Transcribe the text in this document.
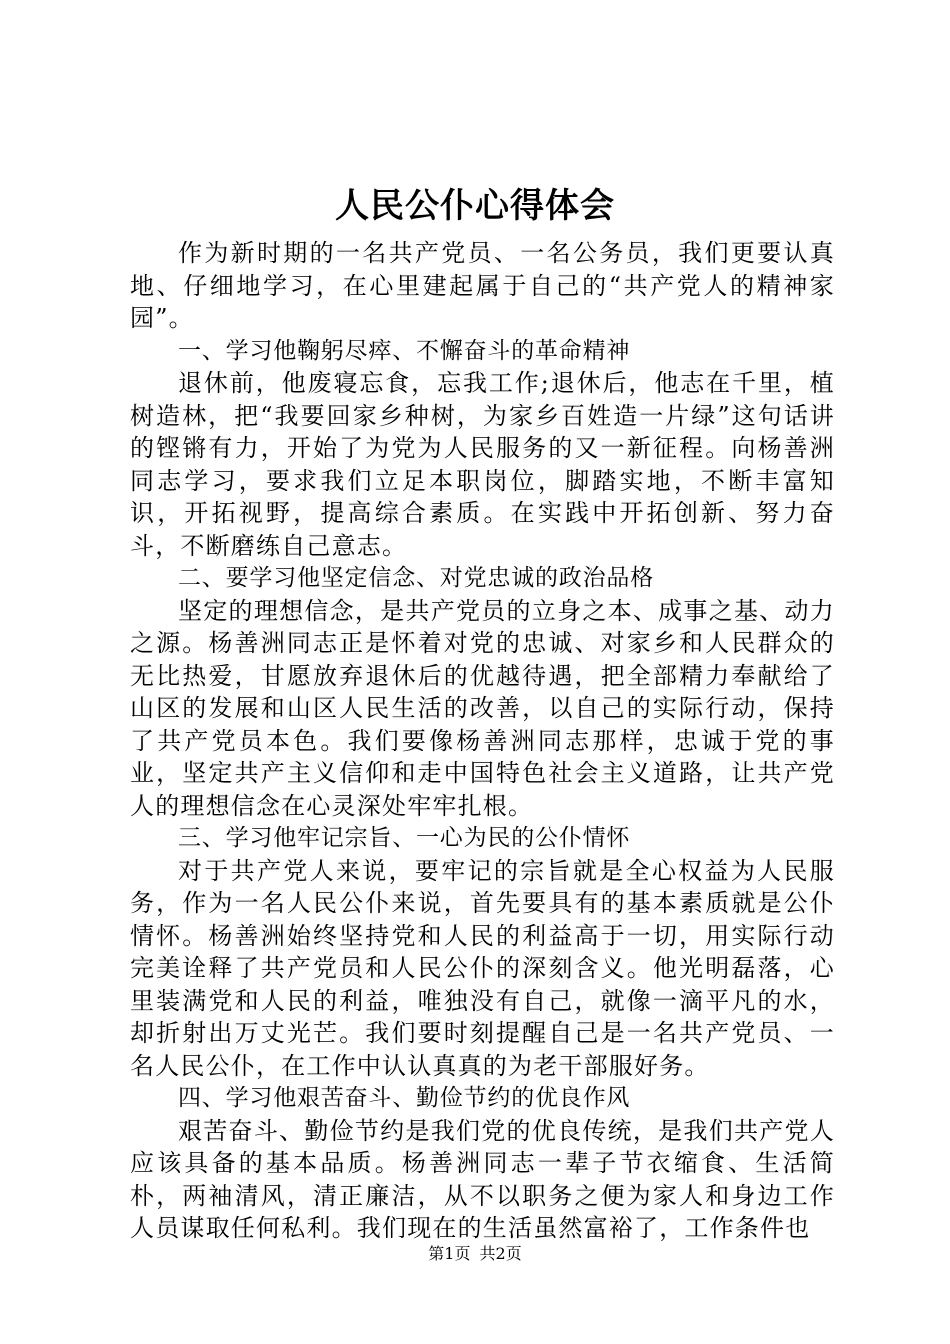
人民公仆心得体会

作为新时期的一名共产党员、一名公务员，我们更要认真地、仔细地学习，在心里建起属于自己的“共产党人的精神家园”。

一、学习他鞠躬尽瘁、不懈奋斗的革命精神

退休前，他废寝忘食，忘我工作;退休后，他志在千里，植树造林，把“我要回家乡种树，为家乡百姓造一片绿”这句话讲的铿锵有力，开始了为党为人民服务的又一新征程。向杨善洲同志学习，要求我们立足本职岗位，脚踏实地，不断丰富知识，开拓视野，提高综合素质。在实践中开拓创新、努力奋斗，不断磨练自己意志。

二、要学习他坚定信念、对党忠诚的政治品格

坚定的理想信念，是共产党员的立身之本、成事之基、动力之源。杨善洲同志正是怀着对党的忠诚、对家乡和人民群众的无比热爱，甘愿放弃退休后的优越待遇，把全部精力奉献给了山区的发展和山区人民生活的改善，以自己的实际行动，保持了共产党员本色。我们要像杨善洲同志那样，忠诚于党的事业，坚定共产主义信仰和走中国特色社会主义道路，让共产党人的理想信念在心灵深处牢牢扎根。

三、学习他牢记宗旨、一心为民的公仆情怀

对于共产党人来说，要牢记的宗旨就是全心权益为人民服务，作为一名人民公仆来说，首先要具有的基本素质就是公仆情怀。杨善洲始终坚持党和人民的利益高于一切，用实际行动完美诠释了共产党员和人民公仆的深刻含义。他光明磊落，心里装满党和人民的利益，唯独没有自己，就像一滴平凡的水，却折射出万丈光芒。我们要时刻提醒自己是一名共产党员、一名人民公仆，在工作中认认真真的为老干部服好务。

四、学习他艰苦奋斗、勤俭节约的优良作风

艰苦奋斗、勤俭节约是我们党的优良传统，是我们共产党人应该具备的基本品质。杨善洲同志一辈子节衣缩食、生活简朴，两袖清风，清正廉洁，从不以职务之便为家人和身边工作人员谋取任何私利。我们现在的生活虽然富裕了，工作条件也

第1页 共2页
